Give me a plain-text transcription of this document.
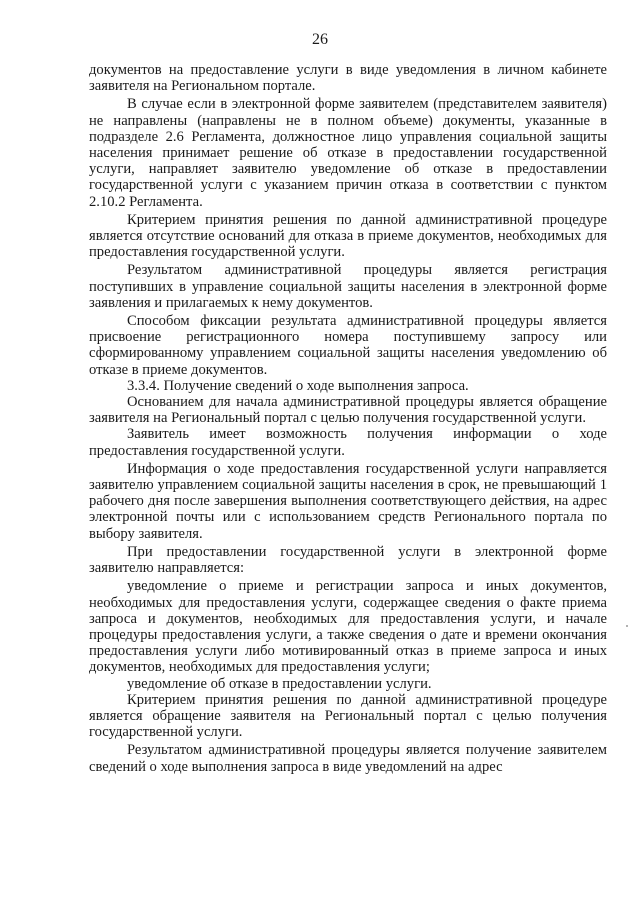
26

документов на предоставление услуги в виде уведомления в личном кабинете заявителя на Региональном портале.

В случае если в электронной форме заявителем (представителем заявителя) не направлены (направлены не в полном объеме) документы, указанные в подразделе 2.6 Регламента, должностное лицо управления социальной защиты населения принимает решение об отказе в предоставлении государственной услуги, направляет заявителю уведомление об отказе в предоставлении государственной услуги с указанием причин отказа в соответствии с пунктом 2.10.2 Регламента.

Критерием принятия решения по данной административной процедуре является отсутствие оснований для отказа в приеме документов, необходимых для предоставления государственной услуги.

Результатом административной процедуры является регистрация поступивших в управление социальной защиты населения в электронной форме заявления и прилагаемых к нему документов.

Способом фиксации результата административной процедуры является присвоение регистрационного номера поступившему запросу или сформированному управлением социальной защиты населения уведомлению об отказе в приеме документов.

3.3.4. Получение сведений о ходе выполнения запроса.

Основанием для начала административной процедуры является обращение заявителя на Региональный портал с целью получения государственной услуги.

Заявитель имеет возможность получения информации о ходе предоставления государственной услуги.

Информация о ходе предоставления государственной услуги направляется заявителю управлением социальной защиты населения в срок, не превышающий 1 рабочего дня после завершения выполнения соответствующего действия, на адрес электронной почты или с использованием средств Регионального портала по выбору заявителя.

При предоставлении государственной услуги в электронной форме заявителю направляется:

уведомление о приеме и регистрации запроса и иных документов, необходимых для предоставления услуги, содержащее сведения о факте приема запроса и документов, необходимых для предоставления услуги, и начале процедуры предоставления услуги, а также сведения о дате и времени окончания предоставления услуги либо мотивированный отказ в приеме запроса и иных документов, необходимых для предоставления услуги;

уведомление об отказе в предоставлении услуги.

Критерием принятия решения по данной административной процедуре является обращение заявителя на Региональный портал с целью получения государственной услуги.

Результатом административной процедуры является получение заявителем сведений о ходе выполнения запроса в виде уведомлений на адрес
